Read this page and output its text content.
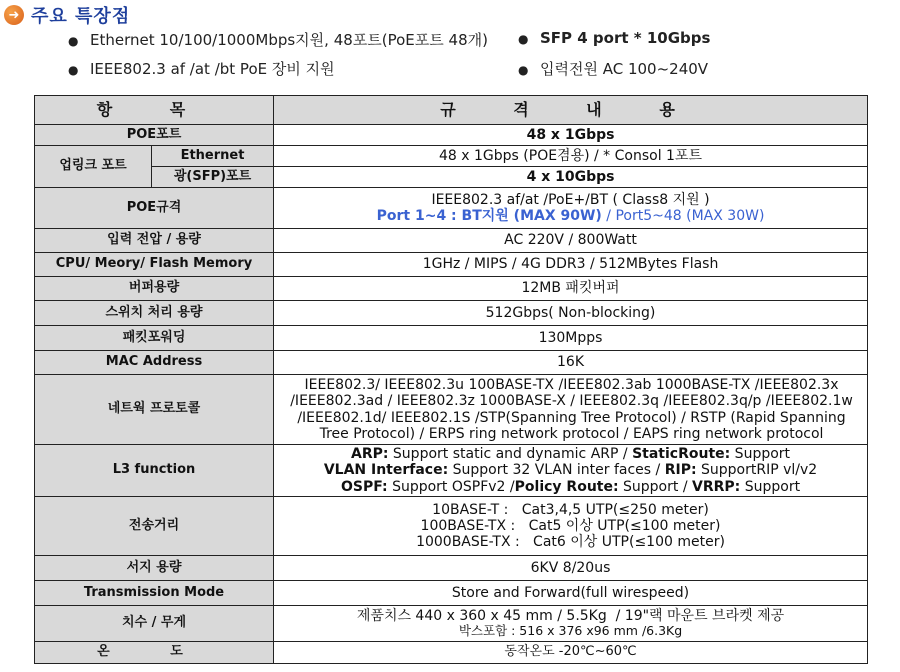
➜ 주요 특장점
● Ethernet 10/100/1000Mbps지원, 48포트(PoE포트 48개)	● SFP 4 port * 10Gbps
● IEEE802.3 af /at /bt PoE 장비 지원	● 입력전원 AC 100~240V
항 목		규 격 내 용
POE포트		48 x 1Gbps
업링크 포트	Ethernet	48 x 1Gbps (POE겸용) / * Consol 1포트
	광(SFP)포트	4 x 10Gbps
POE규격		IEEE802.3 af/at /PoE+/BT ( Class8 지원 )
Port 1~4 : BT지원 (MAX 90W) / Port5~48 (MAX 30W)

입력 전압 / 용량		AC 220V / 800Watt
CPU/ Meory/ Flash Memory		1GHz / MIPS / 4G DDR3 / 512MBytes Flash
버퍼용량		12MB 패킷버퍼
스위치 처리 용량		512Gbps( Non-blocking)
패킷포워딩		130Mpps
MAC Address		16K
네트웍 프로토콜		IEEE802.3/ IEEE802.3u 100BASE-TX /IEEE802.3ab 1000BASE-TX /IEEE802.3x /IEEE802.3ad / IEEE802.3z 1000BASE-X / IEEE802.3q /IEEE802.3q/p /IEEE802.1w /IEEE802.1d/ IEEE802.1S /STP(Spanning Tree Protocol) / RSTP (Rapid Spanning Tree Protocol) / ERPS ring network protocol / EAPS ring network protocol
L3 function		ARP: Support static and dynamic ARP / StaticRoute: Support
VLAN Interface: Support 32 VLAN inter faces / RIP: SupportRIP vl/v2
OSPF: Support OSPFv2 /Policy Route: Support / VRRP: Support

전송거리		10BASE-T :   Cat3,4,5 UTP(≤250 meter)
100BASE-TX :   Cat5 이상 UTP(≤100 meter)
1000BASE-TX :   Cat6 이상 UTP(≤100 meter)

서지 용량		6KV 8/20us
Transmission Mode		Store and Forward(full wirespeed)
치수 / 무게		제품치스 440 x 360 x 45 mm / 5.5Kg  / 19"랙 마운트 브라켓 제공
박스포함 : 516 x 376 x96 mm /6.3Kg

온 도		동작온도 -20℃~60℃
